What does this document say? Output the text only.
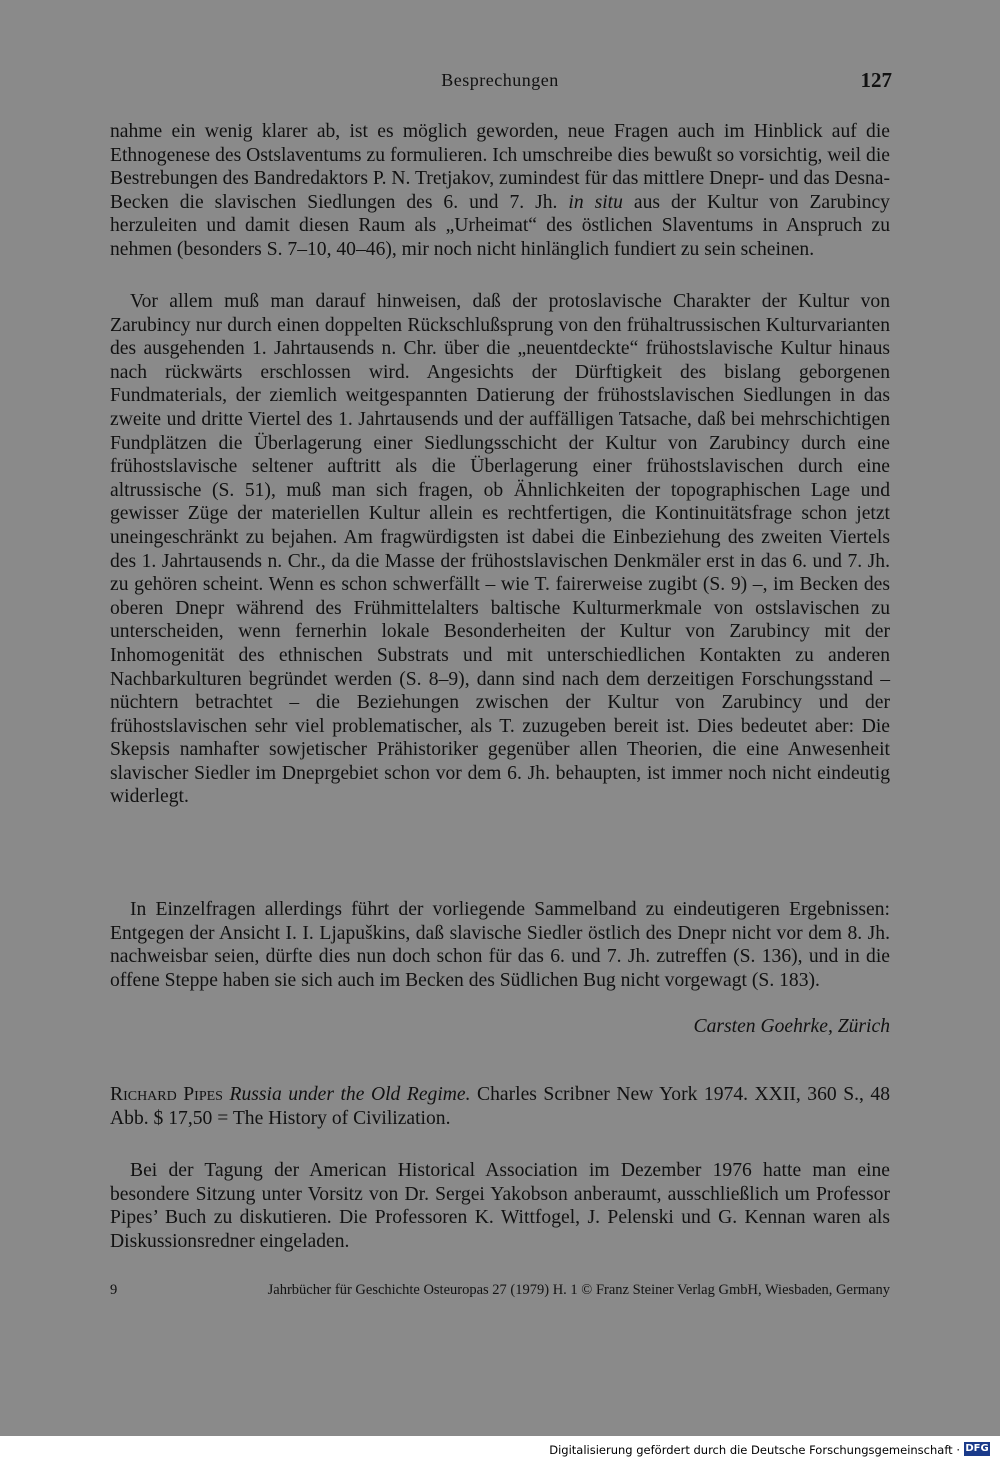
Besprechungen	127

nahme ein wenig klarer ab, ist es möglich geworden, neue Fragen auch im Hinblick auf die Ethnogenese des Ostslaventums zu formulieren. Ich umschreibe dies bewußt so vorsichtig, weil die Bestrebungen des Bandredaktors P. N. Tretjakov, zumindest für das mittlere Dnepr- und das Desna-Becken die slavischen Siedlungen des 6. und 7. Jh. in situ aus der Kultur von Zarubincy herzuleiten und damit diesen Raum als „Urheimat“ des östlichen Slaventums in Anspruch zu nehmen (besonders S. 7–10, 40–46), mir noch nicht hinlänglich fundiert zu sein scheinen.

Vor allem muß man darauf hinweisen, daß der protoslavische Charakter der Kultur von Zarubincy nur durch einen doppelten Rückschlußsprung von den frühaltrussischen Kulturvarianten des ausgehenden 1. Jahrtausends n. Chr. über die „neuentdeckte“ frühostslavische Kultur hinaus nach rückwärts erschlossen wird. Angesichts der Dürftigkeit des bislang geborgenen Fundmaterials, der ziemlich weitgespannten Datierung der frühostslavischen Siedlungen in das zweite und dritte Viertel des 1. Jahrtausends und der auffälligen Tatsache, daß bei mehrschichtigen Fundplätzen die Überlagerung einer Siedlungsschicht der Kultur von Zarubincy durch eine frühostslavische seltener auftritt als die Überlagerung einer frühostslavischen durch eine altrussische (S. 51), muß man sich fragen, ob Ähnlichkeiten der topographischen Lage und gewisser Züge der materiellen Kultur allein es rechtfertigen, die Kontinuitätsfrage schon jetzt uneingeschränkt zu bejahen. Am fragwürdigsten ist dabei die Einbeziehung des zweiten Viertels des 1. Jahrtausends n. Chr., da die Masse der frühostslavischen Denkmäler erst in das 6. und 7. Jh. zu gehören scheint. Wenn es schon schwerfällt – wie T. fairerweise zugibt (S. 9) –, im Becken des oberen Dnepr während des Frühmittelalters baltische Kulturmerkmale von ostslavischen zu unterscheiden, wenn fernerhin lokale Besonderheiten der Kultur von Zarubincy mit der Inhomogenität des ethnischen Substrats und mit unterschiedlichen Kontakten zu anderen Nachbarkulturen begründet werden (S. 8–9), dann sind nach dem derzeitigen Forschungsstand – nüchtern betrachtet – die Beziehungen zwischen der Kultur von Zarubincy und der frühostslavischen sehr viel problematischer, als T. zuzugeben bereit ist. Dies bedeutet aber: Die Skepsis namhafter sowjetischer Prähistoriker gegenüber allen Theorien, die eine Anwesenheit slavischer Siedler im Dneprgebiet schon vor dem 6. Jh. behaupten, ist immer noch nicht eindeutig widerlegt.

In Einzelfragen allerdings führt der vorliegende Sammelband zu eindeutigeren Ergebnissen: Entgegen der Ansicht I. I. Ljapuškins, daß slavische Siedler östlich des Dnepr nicht vor dem 8. Jh. nachweisbar seien, dürfte dies nun doch schon für das 6. und 7. Jh. zutreffen (S. 136), und in die offene Steppe haben sie sich auch im Becken des Südlichen Bug nicht vorgewagt (S. 183).

Carsten Goehrke, Zürich
Richard Pipes Russia under the Old Regime. Charles Scribner New York 1974. XXII, 360 S., 48 Abb. $ 17,50 = The History of Civilization.

Bei der Tagung der American Historical Association im Dezember 1976 hatte man eine besondere Sitzung unter Vorsitz von Dr. Sergei Yakobson anberaumt, ausschließlich um Professor Pipes’ Buch zu diskutieren. Die Professoren K. Wittfogel, J. Pelenski und G. Kennan waren als Diskussionsredner eingeladen.

9	Jahrbücher für Geschichte Osteuropas 27 (1979) H. 1 © Franz Steiner Verlag GmbH, Wiesbaden, Germany
Digitalisierung gefördert durch die Deutsche Forschungsgemeinschaft · DFG
